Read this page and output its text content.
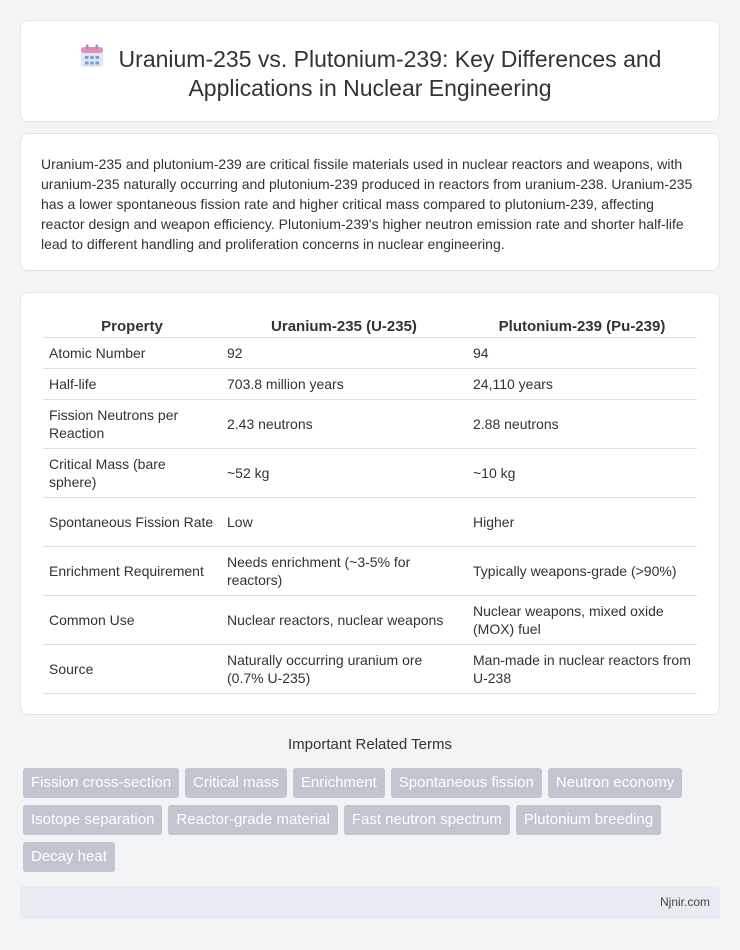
Uranium-235 vs. Plutonium-239: Key Differences and Applications in Nuclear Engineering

Uranium-235 and plutonium-239 are critical fissile materials used in nuclear reactors and weapons, with uranium-235 naturally occurring and plutonium-239 produced in reactors from uranium-238. Uranium-235 has a lower spontaneous fission rate and higher critical mass compared to plutonium-239, affecting reactor design and weapon efficiency. Plutonium-239's higher neutron emission rate and shorter half-life lead to different handling and proliferation concerns in nuclear engineering.

Property	Uranium-235 (U-235)	Plutonium-239 (Pu-239)
Atomic Number	92	94
Half-life	703.8 million years	24,110 years
Fission Neutrons per Reaction	2.43 neutrons	2.88 neutrons
Critical Mass (bare sphere)	~52 kg	~10 kg
Spontaneous Fission Rate	Low	Higher
Enrichment Requirement	Needs enrichment (~3-5% for reactors)	Typically weapons-grade (>90%)
Common Use	Nuclear reactors, nuclear weapons	Nuclear weapons, mixed oxide (MOX) fuel
Source	Naturally occurring uranium ore (0.7% U-235)	Man-made in nuclear reactors from U-238
Important Related Terms
Fission cross-section	Critical mass	Enrichment	Spontaneous fission	Neutron economy
Isotope separation	Reactor-grade material	Fast neutron spectrum	Plutonium breeding
Decay heat
Njnir.com
